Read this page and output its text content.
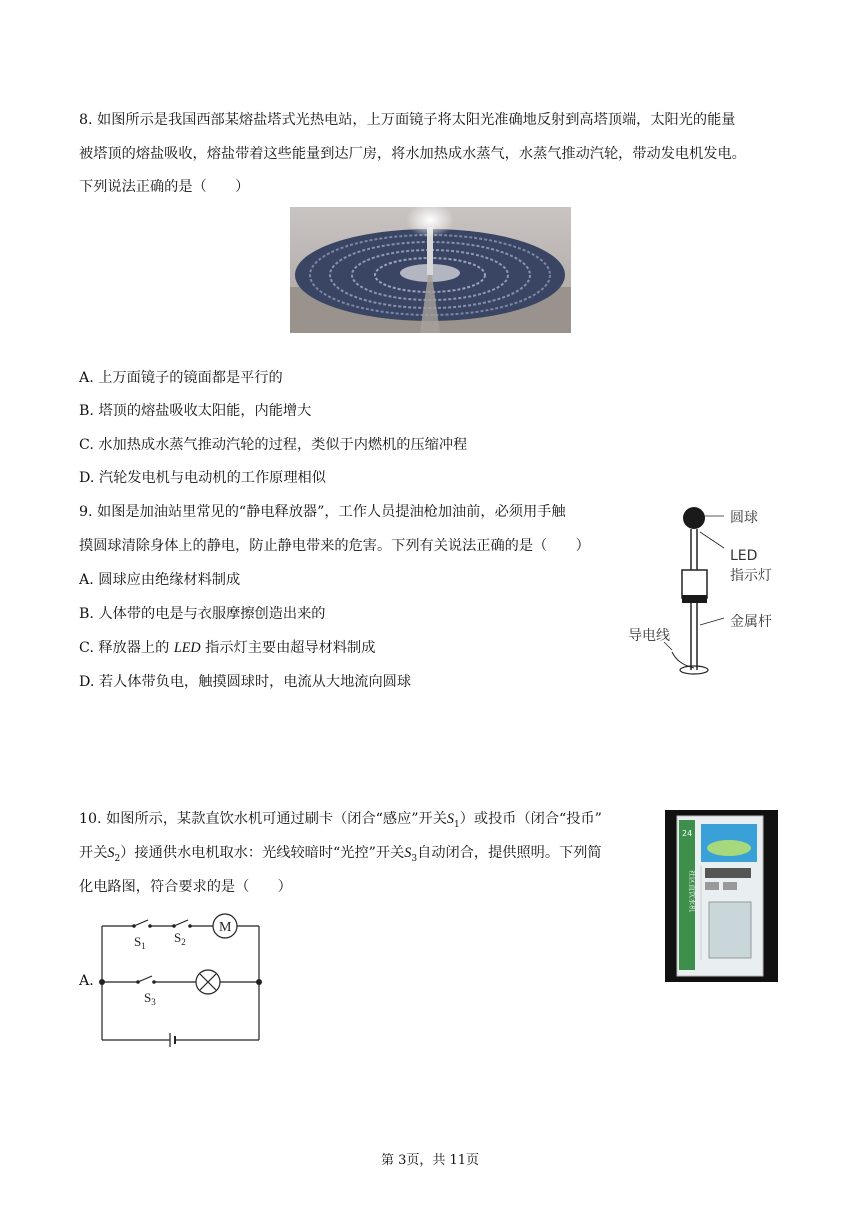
8. 如图所示是我国西部某熔盐塔式光热电站，上万面镜子将太阳光准确地反射到高塔顶端，太阳光的能量
被塔顶的熔盐吸收，熔盐带着这些能量到达厂房，将水加热成水蒸气，水蒸气推动汽轮，带动发电机发电。
下列说法正确的是（　　）
A. 上万面镜子的镜面都是平行的
B. 塔顶的熔盐吸收太阳能，内能增大
C. 水加热成水蒸气推动汽轮的过程，类似于内燃机的压缩冲程
D. 汽轮发电机与电动机的工作原理相似
9. 如图是加油站里常见的“静电释放器”，工作人员提油枪加油前，必须用手触
摸圆球清除身体上的静电，防止静电带来的危害。下列有关说法正确的是（　　）
A. 圆球应由绝缘材料制成
B. 人体带的电是与衣服摩擦创造出来的
C. 释放器上的 LED 指示灯主要由超导材料制成
D. 若人体带负电，触摸圆球时，电流从大地流向圆球
圆球
LED
指示灯
金属杆
导电线
10. 如图所示，某款直饮水机可通过刷卡（闭合“感应”开关$S_1$）或投币（闭合“投币”
开关$S_2$）接通供水电机取水：光线较暗时“光控”开关$S_3$自动闭合，提供照明。下列简
化电路图，符合要求的是（　　）
24
社区直饮水机
A.
M
$S_1$
$S_2$
$S_3$
第 3页，共 11页
